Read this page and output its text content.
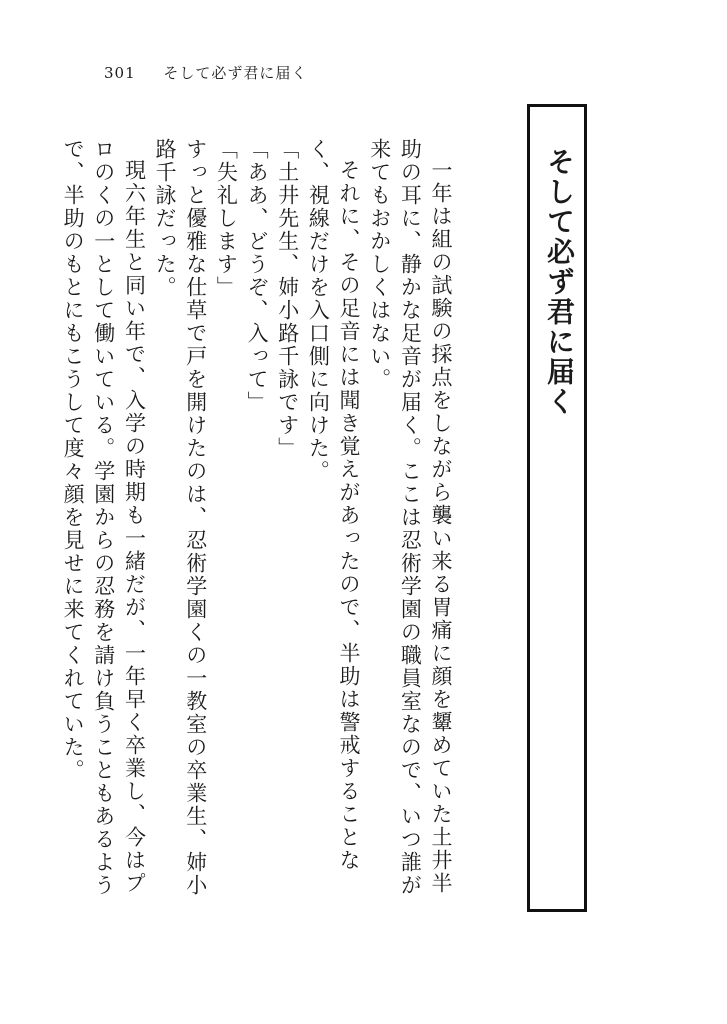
301 そして必ず君に届く
そして必ず君に届く

一年は組の試験の採点をしながら襲い来る胃痛に顔を顰めていた土井半助の耳に、静かな足音が届く。ここは忍術学園の職員室なので、いつ誰が来てもおかしくはない。

それに、その足音には聞き覚えがあったので、半助は警戒することなく、視線だけを入口側に向けた。

「土井先生、姉小路千詠です」

「ああ、どうぞ、入って」

「失礼します」

すっと優雅な仕草で戸を開けたのは、忍術学園くの一教室の卒業生、姉小路千詠だった。

現六年生と同い年で、入学の時期も一緒だが、一年早く卒業し、今はプロのくの一として働いている。学園からの忍務を請け負うこともあるようで、半助のもとにもこうして度々顔を見せに来てくれていた。
